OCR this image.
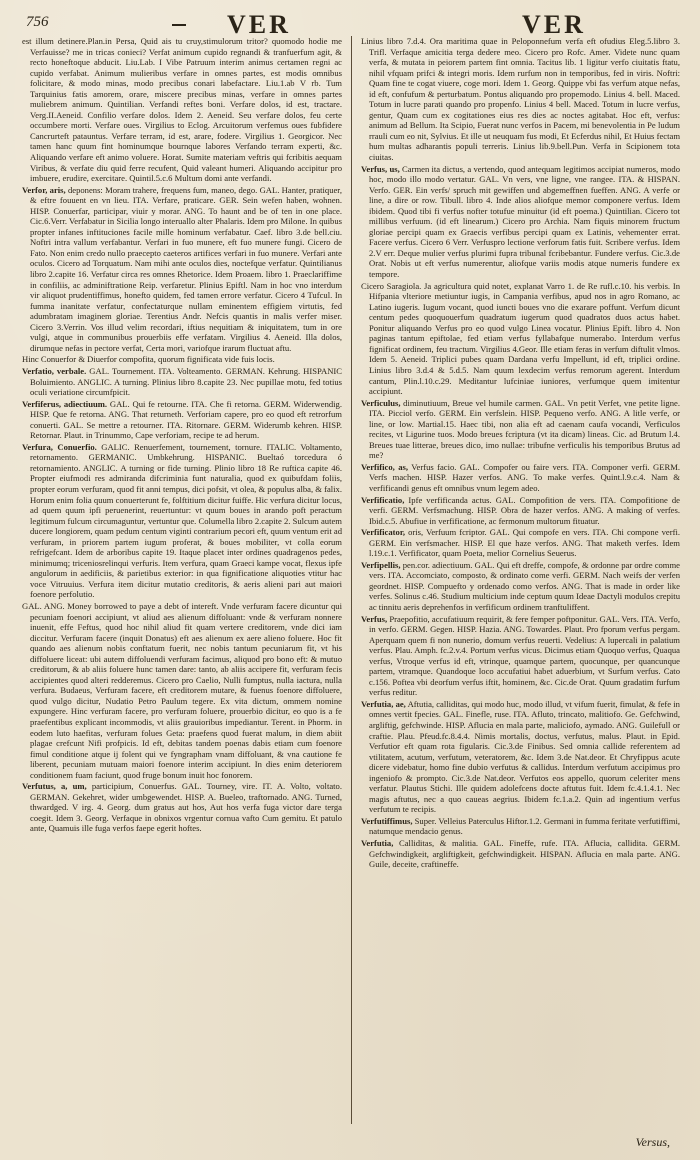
756	VER	VER

est illum detinere.Plan.in Persa, Quid ais tu cruy,stimulorum tritor? quomodo hodie me Verfauisse? me in tricas conieci? Verfat animum cupido regnandi & tranfuerfum agit, & recto honeftoque abducit. Liu.Lab. I Vibe Patruum interim animus certamen regni ac cupido verfabat. Animum mulieribus verfare in omnes partes, est modis omnibus folicitare, & modo minas, modo precibus conari labefactare. Liu.1.ab V rb. Tum Tarquinius fatis amorem, orare, miscere precibus minas, verfare in omnes partes muliebrem animum. Quintilian. Verfandi reftes boni. Verfare dolos, id est, tractare. Verg.II.Aeneid. Confilio verfare dolos. Idem 2. Aeneid. Seu verfare dolos, feu certe occumbere morti. Verfare oues. Virgilius to Eclog. Arcuitorum verfemus oues fubfidere Cancrurteft patauntus. Verfare terram, id est, arare, fodere. Virgilius 1. Georgicor. Nec tamen hanc quum fint hominumque bournque labores Verfando terram experti, &c. Aliquando verfare eft animo voluere. Horat. Sumite materiam veftris qui fcribitis aequam Viribus, & verfate diu quid ferre recufent, Quid valeant humeri. Aliquando accipitur pro imbuere, erudire, exercitare. Quintil.5.c.6 Multum domi ante verfandi.

Verfor, aris, deponens: Moram trahere, frequens fum, maneo, dego. GAL. Hanter, pratiquer, & eftre fouuent en vn lieu. ITA. Verfare, praticare. GER. Sein wefen haben, wohnen. HISP. Conuerfar, participar, viuir y morar. ANG. To haunt and be of ten in one place. Cic.6.Verr. Verfabatur in Sicilia longo interuallo alter Phalaris. Idem pro Milone. In quibus propter infanes inftituciones facile mille hominum verfabatur. Caef. libro 3.de bell.ciu. Noftri intra vallum verfabantur. Verfari in fuo munere, eft fuo munere fungi. Cicero de Fato. Non enim credo nullo praecepto caeteros artifices verfari in fuo munere. Verfari ante oculos. Cicero ad Torquatum. Nam mihi ante oculos dies, noctefque verfatur. Quintilianus libro 2.capite 16. Verfatur circa res omnes Rhetorice. Idem Proaem. libro 1. Praeclariffime in confiliis, ac adminiftratione Reip. verfaretur. Plinius Epiftl. Nam in hoc vno interdum vir aliquot prudentiffimus, honefto quidem, fed tamen errore verfatur. Cicero 4 Tufcul. In fumma inanitate verfatur, confectaturque nullam eminentem effigiem virtutis, fed adumbratam imaginem gloriae. Terentius Andr. Nefcis quantis in malis verfer miser. Cicero 3.Verrin. Vos illud velim recordari, iftius nequitiam & iniquitatem, tum in ore vulgi, atque in communibus prouerbiis effe verfatam. Virgilius 4. Aeneid. Illa dolos, dirumque nefas in pectore verfat, Certa mori, variofque irarum fluctuat aftu.

Hinc Conuerfor & Diuerfor compofita, quorum fignificata vide fuis locis.

Verfatio, verbale. GAL. Tournement. ITA. Volteamento. GERMAN. Kehrung. HISPANIC Boluimiento. ANGLIC. A turning. Plinius libro 8.capite 23. Nec pupillae motu, fed totius oculi veriatione circumfpicit.

Verfiferus, adiectiuum. GAL. Qui fe retourne. ITA. Che fi retorna. GERM. Widerwendig. HISP. Que fe retorna. ANG. That returneth. Verforiam capere, pro eo quod eft retrorfum conuerti. GAL. Se mettre a retourner. ITA. Ritornare. GERM. Widerumb kehren. HISP. Retornar. Plaut. in Trinummo, Cape verforiam, recipe te ad herum.

Verfura, Conuerfio. GALIC. Renuerfement, tournement, tornure. ITALIC. Voltamento, retornamento. GERMANIC. Umbkehrung. HISPANIC. Bueltaó torcedura ó retornamiento. ANGLIC. A turning or fide turning. Plinio libro 18 Re ruftica capite 46. Propter eiufmodi res admiranda difcriminia funt naturalia, quod ex quibufdam foliis, propter eorum verfuram, quod fit anni tempus, dici pofsit, vt olea, & populus alba, & falix. Horum enim folia quum conuerterunt fe, folftitium dicitur fuiffe. Hic verfura dicitur locus, ad quem quum ipfi peruenerint, reuertuntur: vt quum boues in arando poft peractum legitimum fulcum circumaguntur, vertuntur que. Columella libro 2.capite 2. Sulcum autem ducere longiorem, quam pedum centum viginti contrarium pecori eft, quum ventum erit ad verfuram, in priorem partem iugum proferat, & boues mobiliter, vt colla eorum refrigefcant. Idem de arboribus capite 19. Itaque placet inter ordines quadragenos pedes, minimumq; triceniosrelinqui verfuris. Item verfura, quam Graeci kampe vocat, flexus ipfe angulorum in aedificiis, & parietibus exterior: in qua fignificatione aliquoties vtitur hac voce Vitruuius. Verfura item dicitur mutatio creditoris, & aeris alieni pari aut maiori foenore perfolutio.

GAL. ANG. Money borrowed to paye a debt of intereft. Vnde verfuram facere dicuntur qui pecuniam foenori accipiunt, vt aliud aes alienum diffoluant: vnde & verfuram nonnere inuenit, effe Feftus, quod hoc nihil aliud fit quam vertere creditorem, vnde dici iam diccitur. Verfuram facere (inquit Donatus) eft aes alienum ex aere alieno foluere. Hoc fit quando aes alienum nobis conftatum fuerit, nec nobis tantum pecuniarum fit, vt his diffoluere liceat: ubi autem diffoluendi verfuram facimus, aliquod pro bono eft: & mutuo creditorum, & ab aliis foluere hunc tamen dare: tanto, ab aliis accipere fit, verfuram fecis accipientes quod alteri redderemus. Cicero pro Caelio, Nulli fumptus, nulla iactura, nulla verfura. Budaeus, Verfuram facere, eft creditorem mutare, & fuenus foenore diffoluere, quod vulgo dicitur, Nudatio Petro Paulum tegere. Ex vita dictum, ommem nomine expungere. Hinc verfuram facere, pro verfuram foluere, prouerbio dicitur, eo quo is a fe praefentibus explicant incommodis, vt aliis grauioribus impediantur. Terent. in Phorm. in eodem luto haefitas, verfuram folues Geta: praefens quod fuerat malum, in diem abiit plagae crefcunt Nifi profpicis. Id eft, debitas tandem poenas dabis etiam cum foenore fimul conditione atque ij folent qui ve fyngrapham vnam diffoluant, & vna cautione fe liberent, pecuniam mutuam maiori foenore interim accipiunt. In dies enim deteriorem conditionem fuam faciunt, quod fruge bonum inuit hoc fonorem.

Verfutus, a, um, participium, Conuerfus. GAL. Tourney, vire. IT. A. Volto, voltato. GERMAN. Gekehret, wider umbgewendet. HISP. A. Bueleo, traftornado. ANG. Turned, thwardged. V irg. 4. Georg. dum gratus aut hos, Aut hos verfa fuga victor dare terga coegit. Idem 3. Georg. Verfaque in obnixos vrgentur cornua vafto Cum gemitu. Et patulo ante, Quamuis ille fuga verfos faepe egerit hoftes.

Linius libro 7.d.4. Ora maritima quae in Peloponnefum verfa eft ofudius Eleg.5.libro 3. Trifl. Verfaque amicitia terga dedere meo. Cicero pro Rofc. Amer. Videte nunc quam verfa, & mutata in peiorem partem fint omnia. Tacitus lib. 1 ligitur verfo ciuitatis ftatu, nihil vfquam prifci & integri moris. Idem rurfum non in temporibus, fed in viris. Noftri: Quam fine te cogat viuere, coge mori. Idem 1. Georg. Quippe vbi fas verfum atque nefas, id eft, confufum & perturbatum. Pontus aliquando pro propemodo. Linius 4. bell. Maced. Totum in lucre parati quando pro propenfo. Linius 4 bell. Maced. Totum in lucre verfus, gentur, Quam cum ex cogitationes eius res dies ac noctes agitabat. Hoc eft, verfus: animum ad Bellum. Ita Scipio, Fuerat nunc verfos in Pacem, mi benevolentia in Pe ludum rrauli cum eo nit, Sylvius. Et ille ut neuquam fus modi, Et Ecferdus nihil, Et Huius fectam hum multas adharantis populi terreris. Linius lib.9.bell.Pun. Verfa in Scipionem tota ciuitas.

Verfus, us, Carmen ita dictus, a vertendo, quod antequam legitimos accipiat numeros, modo hoc, modo illo modo vertatur. GAL. Vn vers, vne ligne, vne rangee. ITA. & HISPAN. Verfo. GER. Ein verfs/ spruch mit gewiffen und abgemeffnen fueffen. ANG. A verfe or line, a dire or row. Tibull. libro 4. Inde alios aliofque memor componere verfus. Idem ibidem. Quod tibi fi verfus nofter totufue minuitur (id eft poema.) Quintilian. Cicero tot millibus verfuum. (id eft linearum.) Cicero pro Archia. Nam fiquis minorem fructum gloriae percipi quam ex Graecis verfibus percipi quam ex Latinis, vehementer errat. Facere verfus. Cicero 6 Verr. Verfuspro lectione verforum fatis fuit. Scribere verfus. Idem 2.V err. Deque mulier verfus plurimi fupra tribunal fcribebantur. Fundere verfus. Cic.3.de Orat. Nobis ut eft verfus numerentur, aliofque variis modis atque numeris fundere ex tempore.

Cicero Saragiola. Ja agricultura quid notet, explanat Varro 1. de Re rufl.c.10. his verbis. In Hifpania vlteriore metiuntur iugis, in Campania verfibus, apud nos in agro Romano, ac Latino iugeris. Iugum vocant, quod iuncti boues vno die exarare poffunt. Verfum dicunt centum pedes quoquouerfum quadratum iugerum quod quadratos duos actus habet. Ponitur aliquando Verfus pro eo quod vulgo Linea vocatur. Plinius Epift. libro 4. Non paginas tantum epiftolae, fed etiam verfus fyllabafque numerabo. Interdum verfus fignificat ordinem, feu tractum. Virgilius 4.Geor. Ille etiam feras in verfum diftulit vlmos. Idem 5. Aeneid. Triplici pubes quam Dardana verfu Impellunt, id eft, triplici ordine. Linius libro 3.d.4 & 5.d.5. Nam quum lexdecim verfus remorum agerent. Interdum cantum, Plin.l.10.c.29. Meditantur lufciniae iuniores, verfumque quem imitentur accipiunt.

Verficulus, diminutiuum, Breue vel humile carmen. GAL. Vn petit Verfet, vne petite ligne. ITA. Picciol verfo. GERM. Ein verfslein. HISP. Pequeno verfo. ANG. A litle verfe, or line, or low. Martial.15. Haec tibi, non alia eft ad caenam caufa vocandi, Verficulos recites, vt Ligurine tuos. Modo breues fcriptura (vt ita dicam) lineas. Cic. ad Brutum l.4. Breues tuae litterae, breues dico, imo nullae: tribufne verficulis his temporibus Brutus ad me?

Verfifico, as, Verfus facio. GAL. Compofer ou faire vers. ITA. Componer verfi. GERM. Verfs machen. HISP. Hazer verfos. ANG. To make verfes. Quint.l.9.c.4. Nam & verfificandi genus eft omnibus vnum legem adeo.

Verfificatio, Ipfe verfificanda actus. GAL. Compofition de vers. ITA. Compofitione de verfi. GERM. Verfsmachung. HISP. Obra de hazer verfos. ANG. A making of verfes. Ibid.c.5. Abufiue in verfificatione, ac fermonum multorum fituatur.

Verfificator, oris, Verfuum fcriptor. GAL. Qui compofe en vers. ITA. Chi compone verfi. GERM. Ein verfsmacher. HISP. El que haze verfos. ANG. That maketh verfes. Idem l.19.c.1. Verfificator, quam Poeta, melior Cornelius Seuerus.

Verfipellis, pen.cor. adiectiuum. GAL. Qui eft dreffe, compofe, & ordonne par ordre comme vers. ITA. Accomciato, composto, & ordinato come verfi. GERM. Nach weifs der verfen geordnet. HISP. Compuefto y ordenado como verfos. ANG. That is made in order like verfes. Solinus c.46. Studium multicium inde ceptum quum Ideae Dactyli modulos crepitu ac tinnitu aeris deprehenfos in verfificum ordinem tranftuliffent.

Verfus, Praepofitio, accufatiuum requirit, & fere femper poftponitur. GAL. Vers. ITA. Verfo, in verfo. GERM. Gegen. HISP. Hazia. ANG. Towardes. Plaut. Pro fporum verfus pergam. Aperquam quem fi non nunerio, domum verfus reuerti. Vedelius: A lupercali in palatium verfus. Plau. Amph. fc.2.v.4. Portum verfus vicus. Dicimus etiam Quoquo verfus, Quaqua verfus, Vtroque verfus id eft, vtrinque, quamque partem, quocunque, per quancunque partem, vtramque. Quandoque loco accufatiui habet aduerbium, vt Surfum verfus. Cato c.156. Poftea vbi deorfum verfus iftit, hominem, &c. Cic.de Orat. Quum gradatim furfum verfus reditur.

Verfutia, ae, Aftutia, calliditas, qui modo huc, modo illud, vt vifum fuerit, fimulat, & fefe in omnes vertit fpecies. GAL. Finefle, ruse. ITA. Afluto, trincato, malitiofo. Ge. Gefchwind, argliftig, gefchwinde. HISP. Aflucia en mala parte, maliciofo, aymado. ANG. Guilefull or craftie. Plau. Pfeud.fc.8.4.4. Nimis mortalis, doctus, verfutus, malus. Plaut. in Epid. Verfutior eft quam rota figularis. Cic.3.de Finibus. Sed omnia callide referentem ad vtilitatem, acutum, verfutum, veteratorem, &c. Idem 3.de Nat.deor. Et Chryfippus acute dicere videbatur, homo fine dubio verfutus & callidus. Interdum verfutum accipimus pro ingeniofo & prompto. Cic.3.de Nat.deor. Verfutos eos appello, quorum celeriter mens verfatur. Plautus Stichi. Ille quidem adolefcens docte aftutus fuit. Idem fc.4.1.4.1. Nec magis aftutus, nec a quo caueas aegrius. Ibidem fc.1.a.2. Quin ad ingentium verfus verfutum te recipis.

Verfutiffimus, Super. Velleius Paterculus Hiftor.1.2. Germani in fumma feritate verfutiffimi, natumque mendacio genus.

Verfutia, Calliditas, & malitia. GAL. Fineffe, rufe. ITA. Aflucia, callidita. GERM. Gefchwindigkeit, argliftigkeit, gefchwindigkeit. HISPAN. Aflucia en mala parte. ANG. Guile, deceite, craftineffe.

Versus,
